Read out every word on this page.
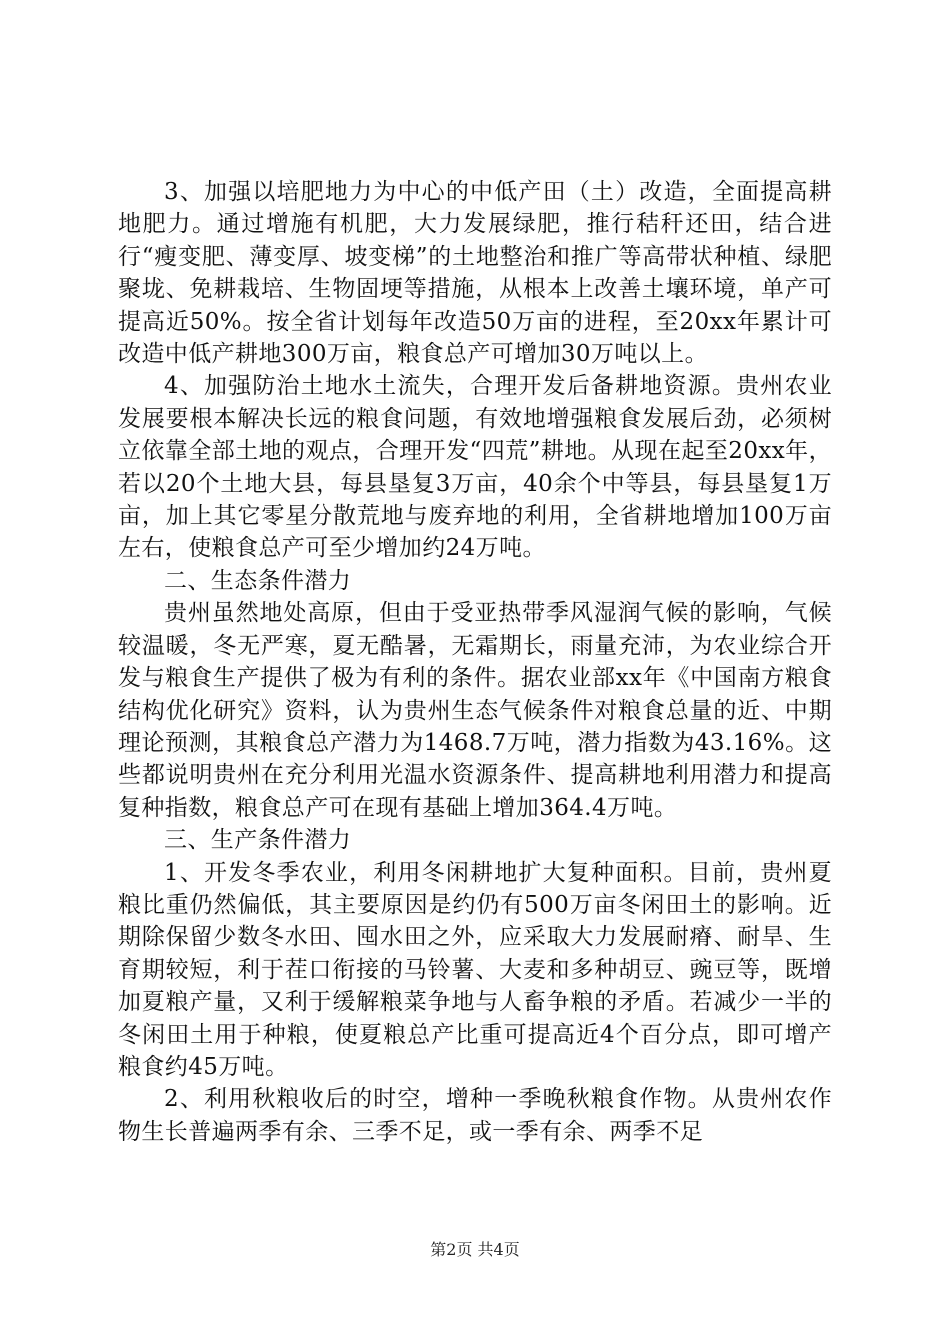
3、加强以培肥地力为中心的中低产田（土）改造，全面提高耕地肥力。通过增施有机肥，大力发展绿肥，推行秸秆还田，结合进行“瘦变肥、薄变厚、坡变梯”的土地整治和推广等高带状种植、绿肥聚垅、免耕栽培、生物固埂等措施，从根本上改善土壤环境，单产可提高近50%。按全省计划每年改造50万亩的进程，至20xx年累计可改造中低产耕地300万亩，粮食总产可增加30万吨以上。

4、加强防治土地水土流失，合理开发后备耕地资源。贵州农业发展要根本解决长远的粮食问题，有效地增强粮食发展后劲，必须树立依靠全部土地的观点，合理开发“四荒”耕地。从现在起至20xx年，若以20个土地大县，每县垦复3万亩，40余个中等县，每县垦复1万亩，加上其它零星分散荒地与废弃地的利用，全省耕地增加100万亩左右，使粮食总产可至少增加约24万吨。

二、生态条件潜力

贵州虽然地处高原，但由于受亚热带季风湿润气候的影响，气候较温暖，冬无严寒，夏无酷暑，无霜期长，雨量充沛，为农业综合开发与粮食生产提供了极为有利的条件。据农业部xx年《中国南方粮食结构优化研究》资料，认为贵州生态气候条件对粮食总量的近、中期理论预测，其粮食总产潜力为1468.7万吨，潜力指数为43.16%。这些都说明贵州在充分利用光温水资源条件、提高耕地利用潜力和提高复种指数，粮食总产可在现有基础上增加364.4万吨。

三、生产条件潜力

1、开发冬季农业，利用冬闲耕地扩大复种面积。目前，贵州夏粮比重仍然偏低，其主要原因是约仍有500万亩冬闲田土的影响。近期除保留少数冬水田、囤水田之外，应采取大力发展耐瘠、耐旱、生育期较短，利于茬口衔接的马铃薯、大麦和多种胡豆、豌豆等，既增加夏粮产量，又利于缓解粮菜争地与人畜争粮的矛盾。若减少一半的冬闲田土用于种粮，使夏粮总产比重可提高近4个百分点，即可增产粮食约45万吨。

2、利用秋粮收后的时空，增种一季晚秋粮食作物。从贵州农作物生长普遍两季有余、三季不足，或一季有余、两季不足

第2页 共4页
